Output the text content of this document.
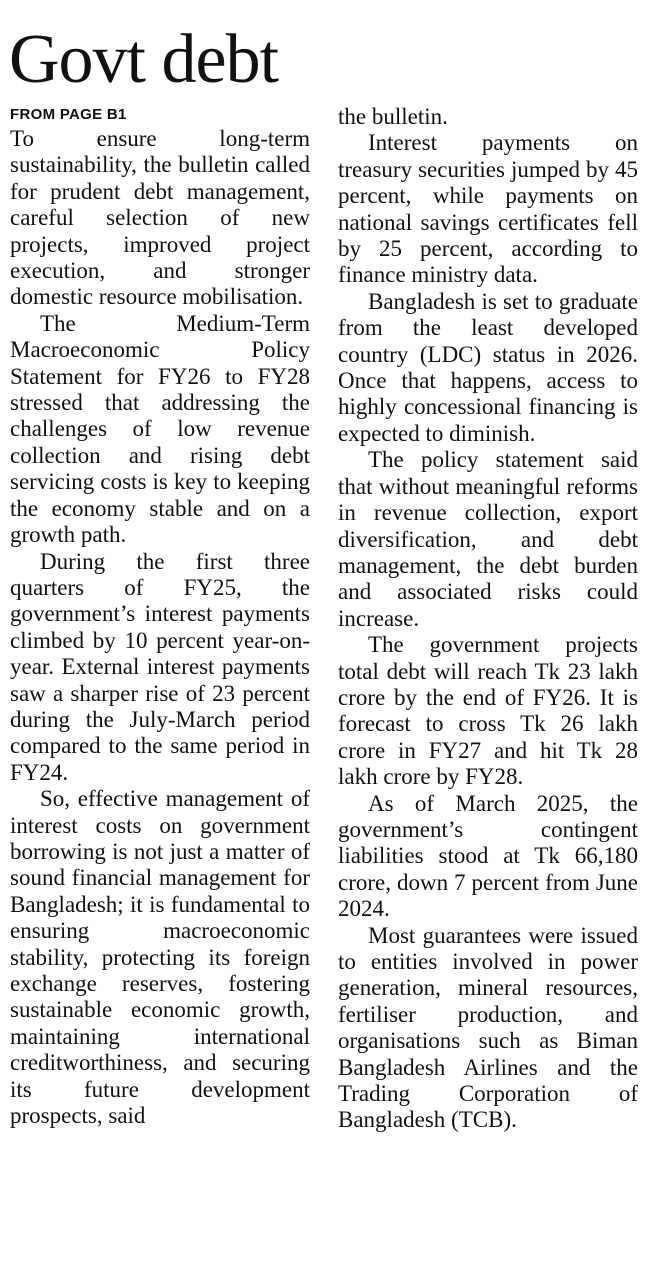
Govt debt
FROM PAGE B1

To ensure long-term sustainability, the bulletin called for prudent debt management, careful selection of new projects, improved project execution, and stronger domestic resource mobilisation.

The Medium-Term Macroeconomic Policy Statement for FY26 to FY28 stressed that addressing the challenges of low revenue collection and rising debt servicing costs is key to keeping the economy stable and on a growth path.

During the first three quarters of FY25, the government’s interest payments climbed by 10 percent year-on-year. External interest payments saw a sharper rise of 23 percent during the July-March period compared to the same period in FY24.

So, effective management of interest costs on government borrowing is not just a matter of sound financial management for Bangladesh; it is fundamental to ensuring macroeconomic stability, protecting its foreign exchange reserves, fostering sustainable economic growth, maintaining international creditworthiness, and securing its future development prospects, said

the bulletin.

Interest payments on treasury securities jumped by 45 percent, while payments on national savings certificates fell by 25 percent, according to finance ministry data.

Bangladesh is set to graduate from the least developed country (LDC) status in 2026. Once that happens, access to highly concessional financing is expected to diminish.

The policy statement said that without meaningful reforms in revenue collection, export diversification, and debt management, the debt burden and associated risks could increase.

The government projects total debt will reach Tk 23 lakh crore by the end of FY26. It is forecast to cross Tk 26 lakh crore in FY27 and hit Tk 28 lakh crore by FY28.

As of March 2025, the government’s contingent liabilities stood at Tk 66,180 crore, down 7 percent from June 2024.

Most guarantees were issued to entities involved in power generation, mineral resources, fertiliser production, and organisations such as Biman Bangladesh Airlines and the Trading Corporation of Bangladesh (TCB).
